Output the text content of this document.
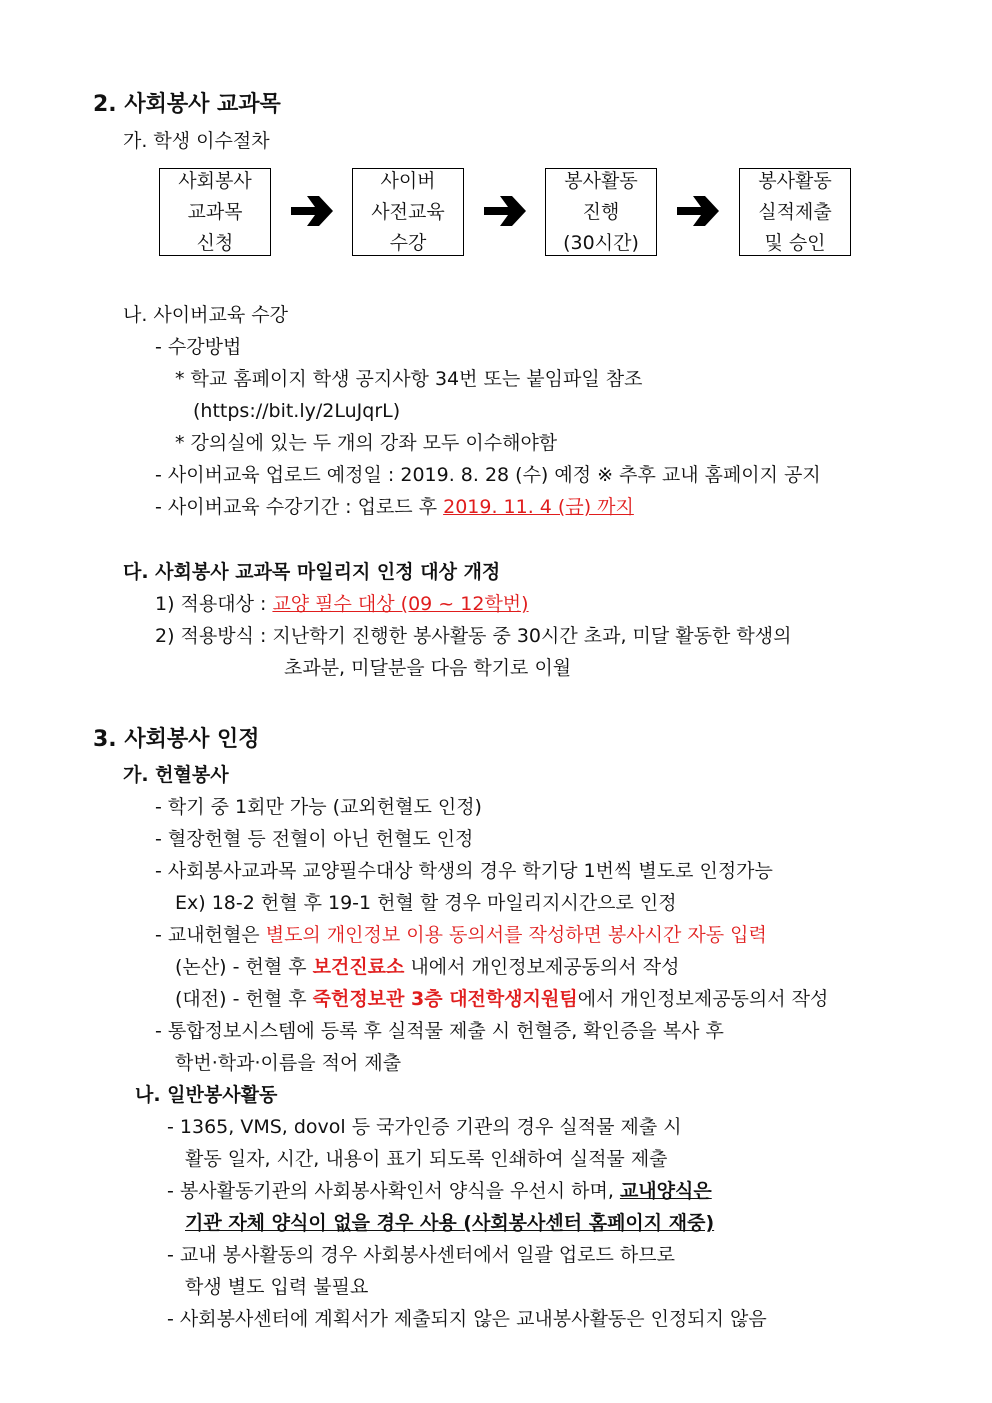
2. 사회봉사 교과목
가. 학생 이수절차
사회봉사
교과목
신청
사이버
사전교육
수강
봉사활동
진행
(30시간)
봉사활동
실적제출
및 승인
나. 사이버교육 수강
- 수강방법
* 학교 홈페이지 학생 공지사항 34번 또는 붙임파일 참조
(https://bit.ly/2LuJqrL)
* 강의실에 있는 두 개의 강좌 모두 이수해야함
- 사이버교육 업로드 예정일 : 2019. 8. 28 (수) 예정 ※ 추후 교내 홈페이지 공지
- 사이버교육 수강기간 : 업로드 후 2019. 11. 4 (금) 까지
다. 사회봉사 교과목 마일리지 인정 대상 개정
1) 적용대상 : 교양 필수 대상 (09 ~ 12학번)
2) 적용방식 : 지난학기 진행한 봉사활동 중 30시간 초과, 미달 활동한 학생의
초과분, 미달분을 다음 학기로 이월
3. 사회봉사 인정
가. 헌혈봉사
- 학기 중 1회만 가능 (교외헌혈도 인정)
- 혈장헌혈 등 전혈이 아닌 헌혈도 인정
- 사회봉사교과목 교양필수대상 학생의 경우 학기당 1번씩 별도로 인정가능
Ex) 18-2 헌혈 후 19-1 헌혈 할 경우 마일리지시간으로 인정
- 교내헌혈은 별도의 개인정보 이용 동의서를 작성하면 봉사시간 자동 입력
(논산) - 헌혈 후 보건진료소 내에서 개인정보제공동의서 작성
(대전) - 헌혈 후 죽헌정보관 3층 대전학생지원팀에서 개인정보제공동의서 작성
- 통합정보시스템에 등록 후 실적물 제출 시 헌혈증, 확인증을 복사 후
학번·학과·이름을 적어 제출
나. 일반봉사활동
- 1365, VMS, dovol 등 국가인증 기관의 경우 실적물 제출 시
활동 일자, 시간, 내용이 표기 되도록 인쇄하여 실적물 제출
- 봉사활동기관의 사회봉사확인서 양식을 우선시 하며, 교내양식은
기관 자체 양식이 없을 경우 사용 (사회봉사센터 홈페이지 재중)
- 교내 봉사활동의 경우 사회봉사센터에서 일괄 업로드 하므로
학생 별도 입력 불필요
- 사회봉사센터에 계획서가 제출되지 않은 교내봉사활동은 인정되지 않음
